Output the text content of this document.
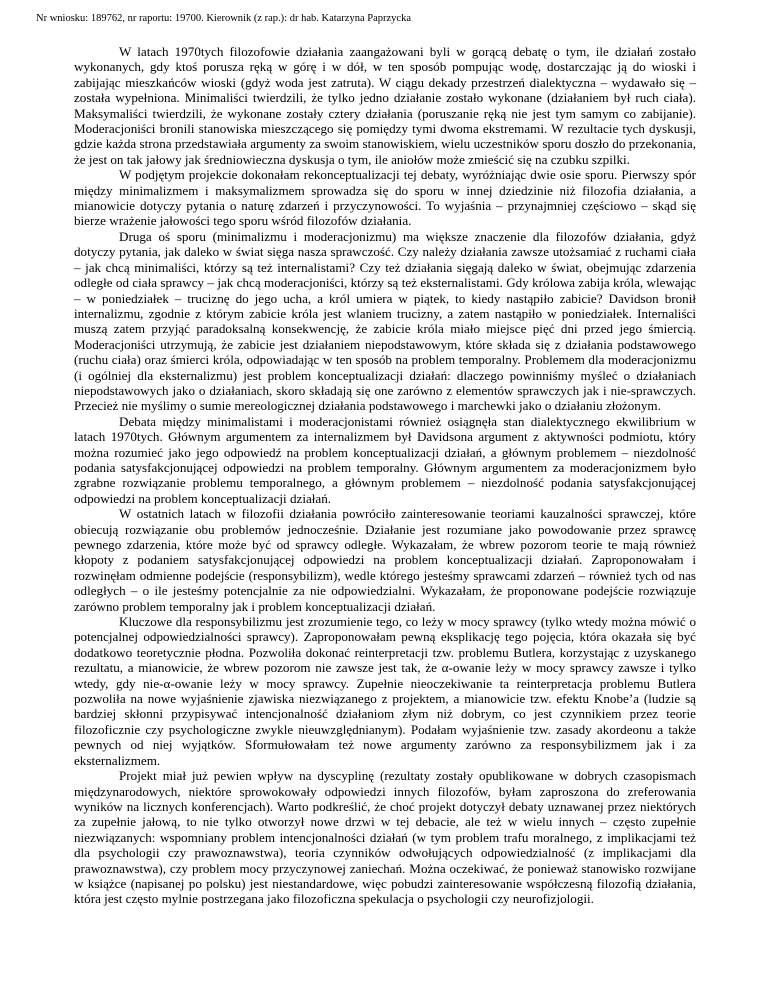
Nr wniosku: 189762, nr raportu: 19700. Kierownik (z rap.): dr hab. Katarzyna Paprzycka

W latach 1970tych filozofowie działania zaangażowani byli w gorącą debatę o tym, ile działań zostało wykonanych, gdy ktoś porusza ręką w górę i w dół, w ten sposób pompując wodę, dostarczając ją do wioski i zabijając mieszkańców wioski (gdyż woda jest zatruta). W ciągu dekady przestrzeń dialektyczna – wydawało się – została wypełniona. Minimaliści twierdzili, że tylko jedno działanie zostało wykonane (działaniem był ruch ciała). Maksymaliści twierdzili, że wykonane zostały cztery działania (poruszanie ręką nie jest tym samym co zabijanie). Moderacjoniści bronili stanowiska mieszczącego się pomiędzy tymi dwoma ekstremami. W rezultacie tych dyskusji, gdzie każda strona przedstawiała argumenty za swoim stanowiskiem, wielu uczestników sporu doszło do przekonania, że jest on tak jałowy jak średniowieczna dyskusja o tym, ile aniołów może zmieścić się na czubku szpilki.

W podjętym projekcie dokonałam rekonceptualizacji tej debaty, wyróżniając dwie osie sporu. Pierwszy spór między minimalizmem i maksymalizmem sprowadza się do sporu w innej dziedzinie niż filozofia działania, a mianowicie dotyczy pytania o naturę zdarzeń i przyczynowości. To wyjaśnia – przynajmniej częściowo – skąd się bierze wrażenie jałowości tego sporu wśród filozofów działania.

Druga oś sporu (minimalizmu i moderacjonizmu) ma większe znaczenie dla filozofów działania, gdyż dotyczy pytania, jak daleko w świat sięga nasza sprawczość. Czy należy działania zawsze utożsamiać z ruchami ciała – jak chcą minimaliści, którzy są też internalistami? Czy też działania sięgają daleko w świat, obejmując zdarzenia odległe od ciała sprawcy – jak chcą moderacjoniści, którzy są też eksternalistami. Gdy królowa zabija króla, wlewając – w poniedziałek – truciznę do jego ucha, a król umiera w piątek, to kiedy nastąpiło zabicie? Davidson bronił internalizmu, zgodnie z którym zabicie króla jest wlaniem trucizny, a zatem nastąpiło w poniedziałek. Internaliści muszą zatem przyjąć paradoksalną konsekwencję, że zabicie króla miało miejsce pięć dni przed jego śmiercią. Moderacjoniści utrzymują, że zabicie jest działaniem niepodstawowym, które składa się z działania podstawowego (ruchu ciała) oraz śmierci króla, odpowiadając w ten sposób na problem temporalny. Problemem dla moderacjonizmu (i ogólniej dla eksternalizmu) jest problem konceptualizacji działań: dlaczego powinniśmy myśleć o działaniach niepodstawowych jako o działaniach, skoro składają się one zarówno z elementów sprawczych jak i nie-sprawczych. Przecież nie myślimy o sumie mereologicznej działania podstawowego i marchewki jako o działaniu złożonym.

Debata między minimalistami i moderacjonistami również osiągnęła stan dialektycznego ekwilibrium w latach 1970tych. Głównym argumentem za internalizmem był Davidsona argument z aktywności podmiotu, który można rozumieć jako jego odpowiedź na problem konceptualizacji działań, a głównym problemem – niezdolność podania satysfakcjonującej odpowiedzi na problem temporalny. Głównym argumentem za moderacjonizmem było zgrabne rozwiązanie problemu temporalnego, a głównym problemem – niezdolność podania satysfakcjonującej odpowiedzi na problem konceptualizacji działań.

W ostatnich latach w filozofii działania powróciło zainteresowanie teoriami kauzalności sprawczej, które obiecują rozwiązanie obu problemów jednocześnie. Działanie jest rozumiane jako powodowanie przez sprawcę pewnego zdarzenia, które może być od sprawcy odległe. Wykazałam, że wbrew pozorom teorie te mają również kłopoty z podaniem satysfakcjonującej odpowiedzi na problem konceptualizacji działań. Zaproponowałam i rozwinęłam odmienne podejście (responsybilizm), wedle którego jesteśmy sprawcami zdarzeń – również tych od nas odległych – o ile jesteśmy potencjalnie za nie odpowiedzialni. Wykazałam, że proponowane podejście rozwiązuje zarówno problem temporalny jak i problem konceptualizacji działań.

Kluczowe dla responsybilizmu jest zrozumienie tego, co leży w mocy sprawcy (tylko wtedy można mówić o potencjalnej odpowiedzialności sprawcy). Zaproponowałam pewną eksplikację tego pojęcia, która okazała się być dodatkowo teoretycznie płodna. Pozwoliła dokonać reinterpretacji tzw. problemu Butlera, korzystając z uzyskanego rezultatu, a mianowicie, że wbrew pozorom nie zawsze jest tak, że α-owanie leży w mocy sprawcy zawsze i tylko wtedy, gdy nie-α-owanie leży w mocy sprawcy. Zupełnie nieoczekiwanie ta reinterpretacja problemu Butlera pozwoliła na nowe wyjaśnienie zjawiska niezwiązanego z projektem, a mianowicie tzw. efektu Knobe’a (ludzie są bardziej skłonni przypisywać intencjonalność działaniom złym niż dobrym, co jest czynnikiem przez teorie filozoficznie czy psychologiczne zwykle nieuwzględnianym). Podałam wyjaśnienie tzw. zasady akordeonu a także pewnych od niej wyjątków. Sformułowałam też nowe argumenty zarówno za responsybilizmem jak i za eksternalizmem.

Projekt miał już pewien wpływ na dyscyplinę (rezultaty zostały opublikowane w dobrych czasopismach międzynarodowych, niektóre sprowokowały odpowiedzi innych filozofów, byłam zaproszona do zreferowania wyników na licznych konferencjach). Warto podkreślić, że choć projekt dotyczył debaty uznawanej przez niektórych za zupełnie jałową, to nie tylko otworzył nowe drzwi w tej debacie, ale też w wielu innych – często zupełnie niezwiązanych: wspomniany problem intencjonalności działań (w tym problem trafu moralnego, z implikacjami też dla psychologii czy prawoznawstwa), teoria czynników odwołujących odpowiedzialność (z implikacjami dla prawoznawstwa), czy problem mocy przyczynowej zaniechań. Można oczekiwać, że ponieważ stanowisko rozwijane w książce (napisanej po polsku) jest niestandardowe, więc pobudzi zainteresowanie współczesną filozofią działania, która jest często mylnie postrzegana jako filozoficzna spekulacja o psychologii czy neurofizjologii.
